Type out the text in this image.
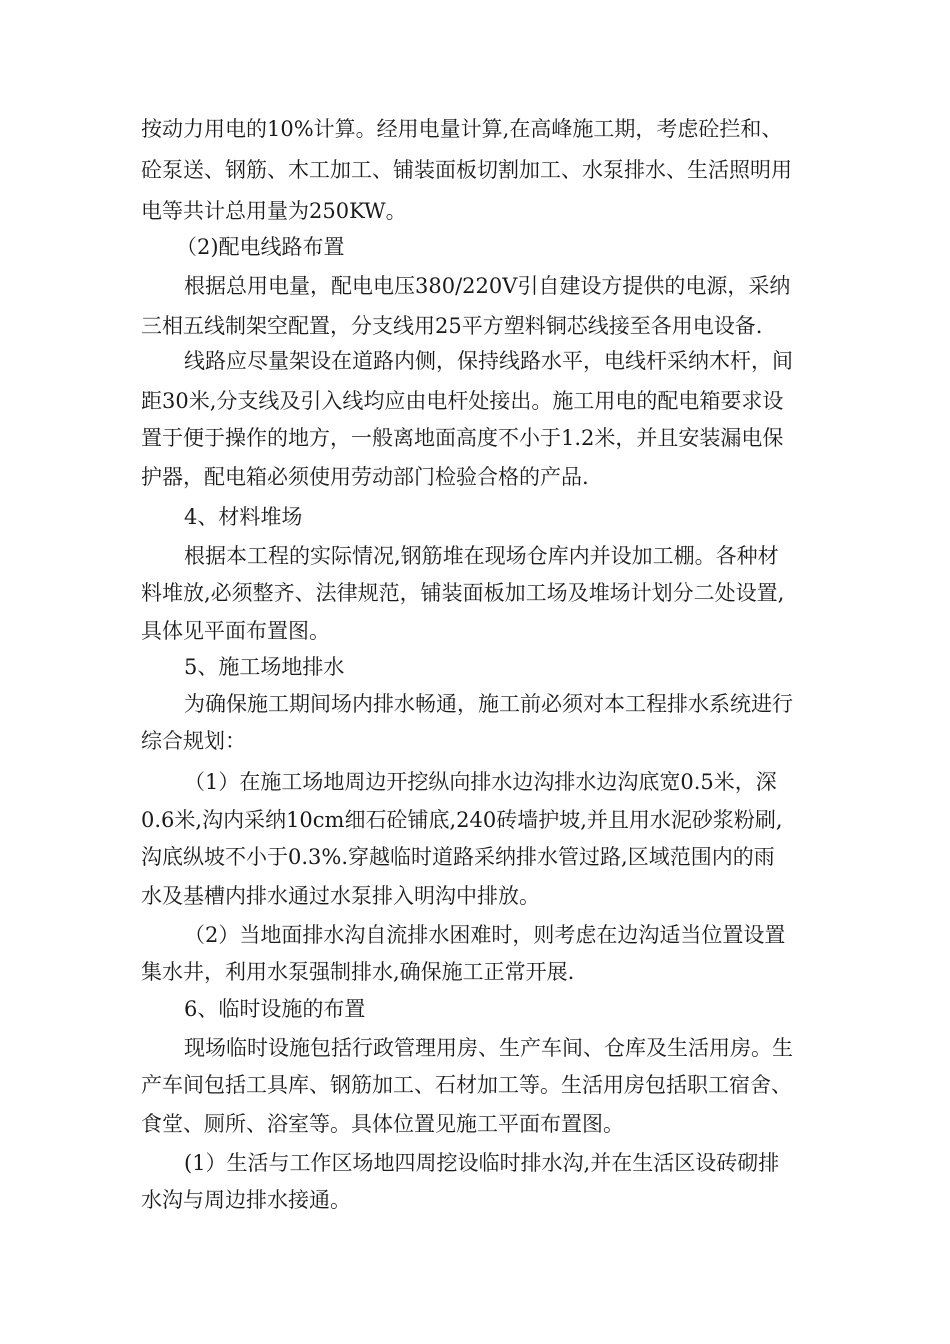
按动力用电的10%计算。经用电量计算,在高峰施工期，考虑砼拦和、
砼泵送、钢筋、木工加工、铺装面板切割加工、水泵排水、生活照明用
电等共计总用量为250KW。
（2)配电线路布置
根据总用电量，配电电压380/220V引自建设方提供的电源，采纳
三相五线制架空配置，分支线用25平方塑料铜芯线接至各用电设备.
线路应尽量架设在道路内侧，保持线路水平，电线杆采纳木杆，间
距30米,分支线及引入线均应由电杆处接出。施工用电的配电箱要求设
置于便于操作的地方，一般离地面高度不小于1.2米，并且安装漏电保
护器，配电箱必须使用劳动部门检验合格的产品.
4、材料堆场
根据本工程的实际情况,钢筋堆在现场仓库内并设加工棚。各种材
料堆放,必须整齐、法律规范，铺装面板加工场及堆场计划分二处设置,
具体见平面布置图。
5、施工场地排水
为确保施工期间场内排水畅通，施工前必须对本工程排水系统进行
综合规划：
（1）在施工场地周边开挖纵向排水边沟排水边沟底宽0.5米，深
0.6米,沟内采纳10cm细石砼铺底,240砖墙护坡,并且用水泥砂浆粉刷,
沟底纵坡不小于0.3%.穿越临时道路采纳排水管过路,区域范围内的雨
水及基槽内排水通过水泵排入明沟中排放。
（2）当地面排水沟自流排水困难时，则考虑在边沟适当位置设置
集水井，利用水泵强制排水,确保施工正常开展.
6、临时设施的布置
现场临时设施包括行政管理用房、生产车间、仓库及生活用房。生
产车间包括工具库、钢筋加工、石材加工等。生活用房包括职工宿舍、
食堂、厕所、浴室等。具体位置见施工平面布置图。
(1）生活与工作区场地四周挖设临时排水沟,并在生活区设砖砌排
水沟与周边排水接通。
